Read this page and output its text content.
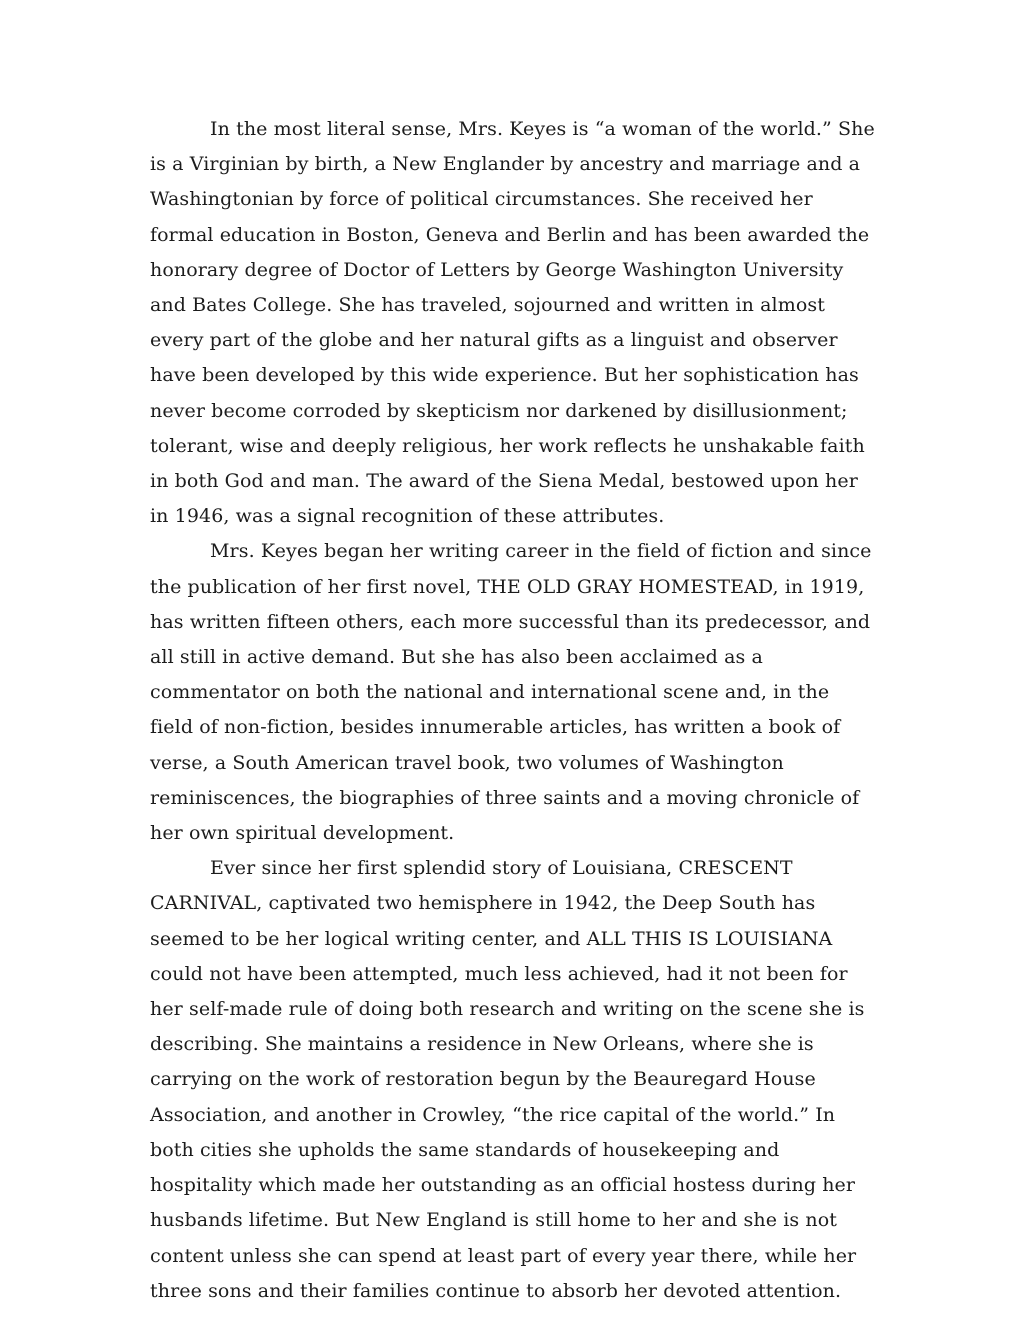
In the most literal sense, Mrs. Keyes is “a woman of the world.” She is a Virginian by birth, a New Englander by ancestry and marriage and a Washingtonian by force of political circumstances. She received her formal education in Boston, Geneva and Berlin and has been awarded the honorary degree of Doctor of Letters by George Washington University and Bates College. She has traveled, sojourned and written in almost every part of the globe and her natural gifts as a linguist and observer have been developed by this wide experience. But her sophistication has never become corroded by skepticism nor darkened by disillusionment; tolerant, wise and deeply religious, her work reflects he unshakable faith in both God and man. The award of the Siena Medal, bestowed upon her in 1946, was a signal recognition of these attributes.

Mrs. Keyes began her writing career in the field of fiction and since the publication of her first novel, THE OLD GRAY HOMESTEAD, in 1919, has written fifteen others, each more successful than its predecessor, and all still in active demand. But she has also been acclaimed as a commentator on both the national and international scene and, in the field of non-fiction, besides innumerable articles, has written a book of verse, a South American travel book, two volumes of Washington reminiscences, the biographies of three saints and a moving chronicle of her own spiritual development.

Ever since her first splendid story of Louisiana, CRESCENT CARNIVAL, captivated two hemisphere in 1942, the Deep South has seemed to be her logical writing center, and ALL THIS IS LOUISIANA could not have been attempted, much less achieved, had it not been for her self-made rule of doing both research and writing on the scene she is describing. She maintains a residence in New Orleans, where she is carrying on the work of restoration begun by the Beauregard House Association, and another in Crowley, “the rice capital of the world.” In both cities she upholds the same standards of housekeeping and hospitality which made her outstanding as an official hostess during her husbands lifetime. But New England is still home to her and she is not content unless she can spend at least part of every year there, while her three sons and their families continue to absorb her devoted attention.
